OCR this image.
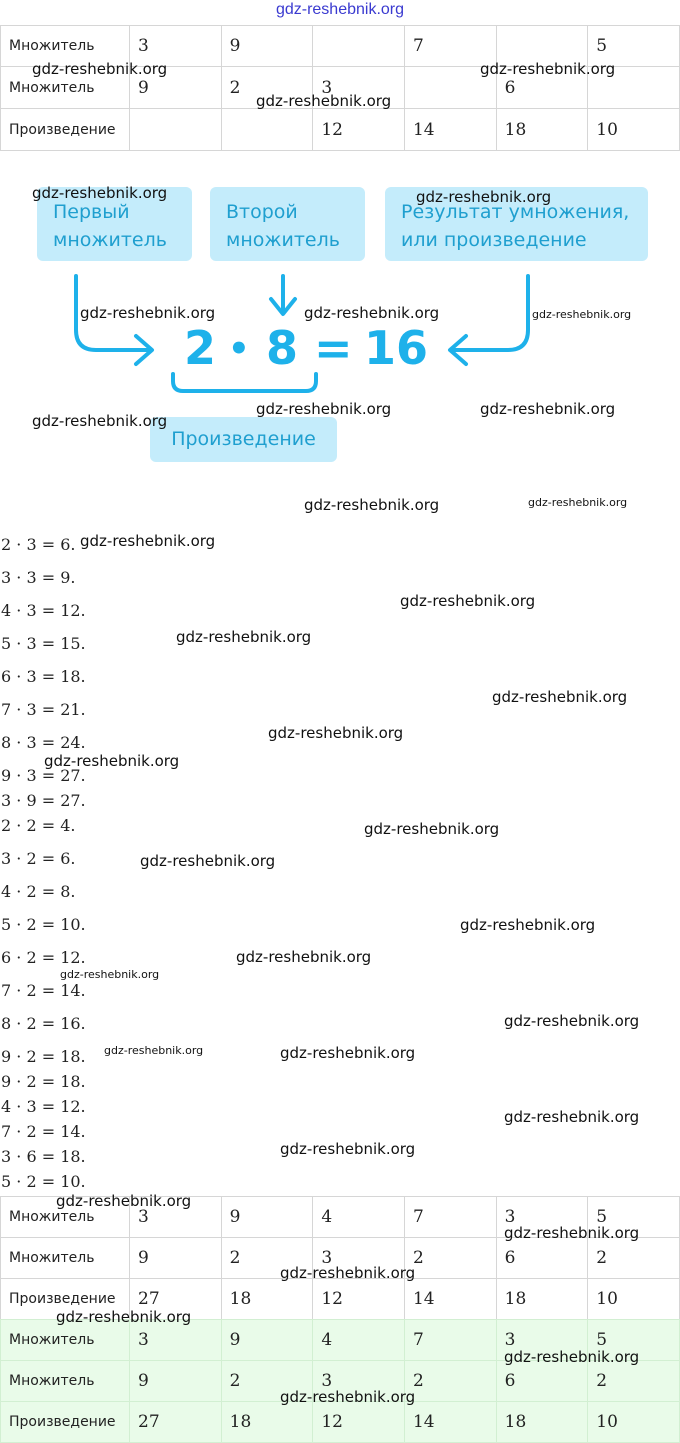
gdz-reshebnik.org
Множитель	3	9		7		5
Множитель	9	2	3		6	
Произведение			12	14	18	10
Первый множитель
Второй множитель
Результат умножения, или произведение
2 • 8 = 16
Произведение
2 · 3 = 6.
3 · 3 = 9.
4 · 3 = 12.
5 · 3 = 15.
6 · 3 = 18.
7 · 3 = 21.
8 · 3 = 24.
9 · 3 = 27.
3 · 9 = 27.
2 · 2 = 4.
3 · 2 = 6.
4 · 2 = 8.
5 · 2 = 10.
6 · 2 = 12.
7 · 2 = 14.
8 · 2 = 16.
9 · 2 = 18.
9 · 2 = 18.
4 · 3 = 12.
7 · 2 = 14.
3 · 6 = 18.
5 · 2 = 10.
Множитель	3	9	4	7	3	5
Множитель	9	2	3	2	6	2
Произведение	27	18	12	14	18	10
Множитель	3	9	4	7	3	5
Множитель	9	2	3	2	6	2
Произведение	27	18	12	14	18	10
gdz-reshebnik.org	gdz-reshebnik.org
gdz-reshebnik.org
gdz-reshebnik.org	gdz-reshebnik.org
gdz-reshebnik.org	gdz-reshebnik.org	gdz-reshebnik.org
gdz-reshebnik.org
gdz-reshebnik.org	gdz-reshebnik.org
gdz-reshebnik.org	gdz-reshebnik.org
gdz-reshebnik.org
gdz-reshebnik.org
gdz-reshebnik.org
gdz-reshebnik.org
gdz-reshebnik.org
gdz-reshebnik.org
gdz-reshebnik.org
gdz-reshebnik.org
gdz-reshebnik.org
gdz-reshebnik.org
gdz-reshebnik.org
gdz-reshebnik.org
gdz-reshebnik.org	gdz-reshebnik.org
gdz-reshebnik.org
gdz-reshebnik.org
gdz-reshebnik.org
gdz-reshebnik.org
gdz-reshebnik.org
gdz-reshebnik.org
gdz-reshebnik.org
gdz-reshebnik.org
